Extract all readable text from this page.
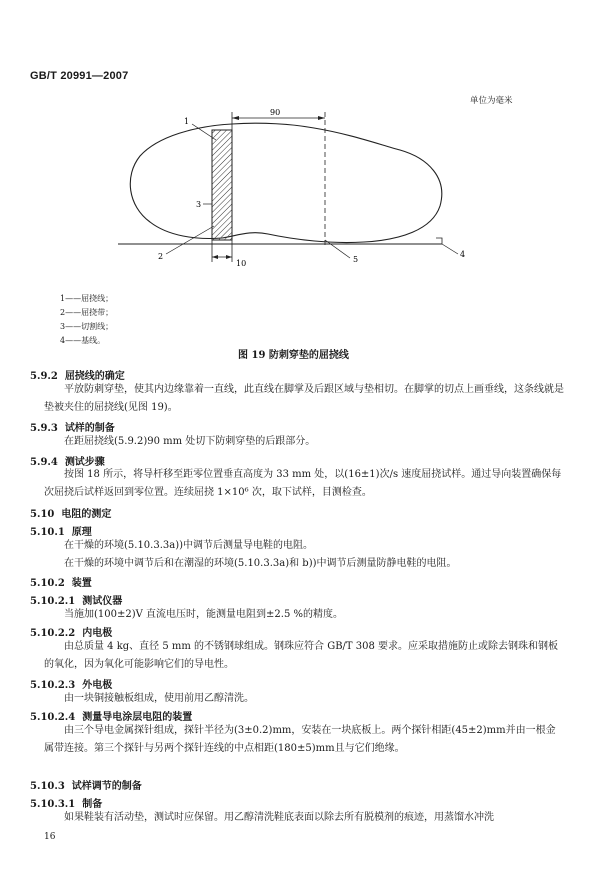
GB/T 20991—2007
单位为毫米
90
10
1
2
3
4
5
1——屈挠线；
2——屈挠带；
3——切割线；
4——基线。
图 19 防刺穿垫的屈挠线
5.9.2 屈挠线的确定
平放防刺穿垫，使其内边缘靠着一直线，此直线在脚掌及后跟区域与垫相切。在脚掌的切点上画垂线，这条线就是垫被夹住的屈挠线(见图 19)。
5.9.3 试样的制备
在距屈挠线(5.9.2)90 mm 处切下防刺穿垫的后跟部分。
5.9.4 测试步骤
按图 18 所示，将导杆移至距零位置垂直高度为 33 mm 处，以(16±1)次/s 速度屈挠试样。通过导向装置确保每次屈挠后试样返回到零位置。连续屈挠 1×10⁶ 次，取下试样，目测检查。
5.10 电阻的测定
5.10.1 原理
在干燥的环境(5.10.3.3a))中调节后测量导电鞋的电阻。
在干燥的环境中调节后和在潮湿的环境(5.10.3.3a)和 b))中调节后测量防静电鞋的电阻。
5.10.2 装置
5.10.2.1 测试仪器
当施加(100±2)V 直流电压时，能测量电阻到±2.5 %的精度。
5.10.2.2 内电极
由总质量 4 kg、直径 5 mm 的不锈钢球组成。钢珠应符合 GB/T 308 要求。应采取措施防止或除去钢珠和钢板的氧化，因为氧化可能影响它们的导电性。
5.10.2.3 外电极
由一块铜接触板组成，使用前用乙醇清洗。
5.10.2.4 测量导电涂层电阻的装置
由三个导电金属探针组成，探针半径为(3±0.2)mm，安装在一块底板上。两个探针相距(45±2)mm并由一根金属带连接。第三个探针与另两个探针连线的中点相距(180±5)mm且与它们绝缘。
5.10.3 试样调节的制备
5.10.3.1 制备
如果鞋装有活动垫，测试时应保留。用乙醇清洗鞋底表面以除去所有脱模剂的痕迹，用蒸馏水冲洗
16
